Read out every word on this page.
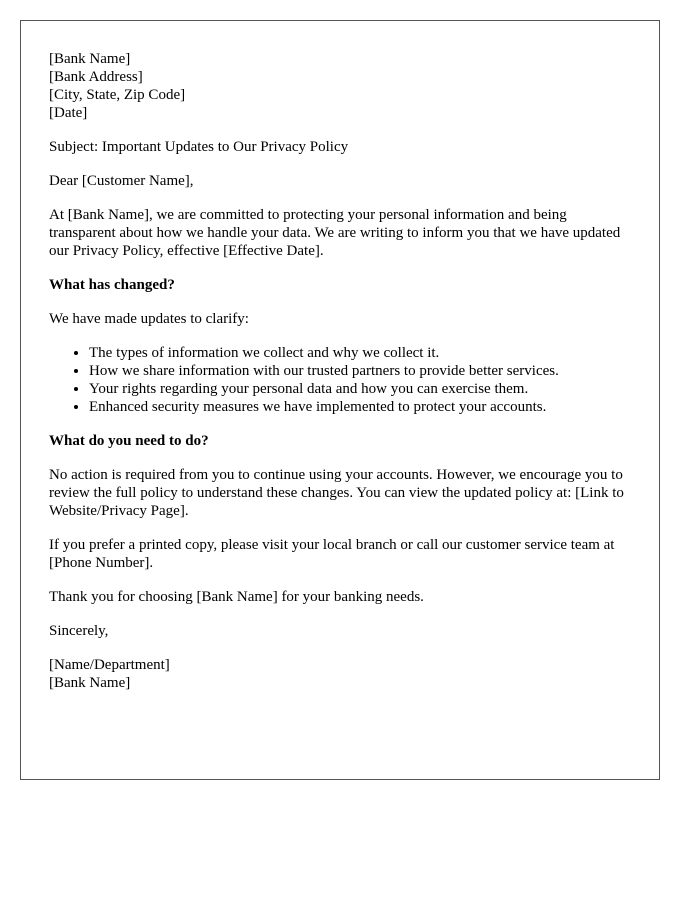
[Bank Name]
[Bank Address]
[City, State, Zip Code]
[Date]
Subject: Important Updates to Our Privacy Policy
Dear [Customer Name],

At [Bank Name], we are committed to protecting your personal information and being transparent about how we handle your data. We are writing to inform you that we have updated our Privacy Policy, effective [Effective Date].

What has changed?

We have made updates to clarify:

• The types of information we collect and why we collect it.
• How we share information with our trusted partners to provide better services.
• Your rights regarding your personal data and how you can exercise them.
• Enhanced security measures we have implemented to protect your accounts.
What do you need to do?

No action is required from you to continue using your accounts. However, we encourage you to review the full policy to understand these changes. You can view the updated policy at: [Link to Website/Privacy Page].

If you prefer a printed copy, please visit your local branch or call our customer service team at [Phone Number].

Thank you for choosing [Bank Name] for your banking needs.

Sincerely,

[Name/Department]
[Bank Name]
